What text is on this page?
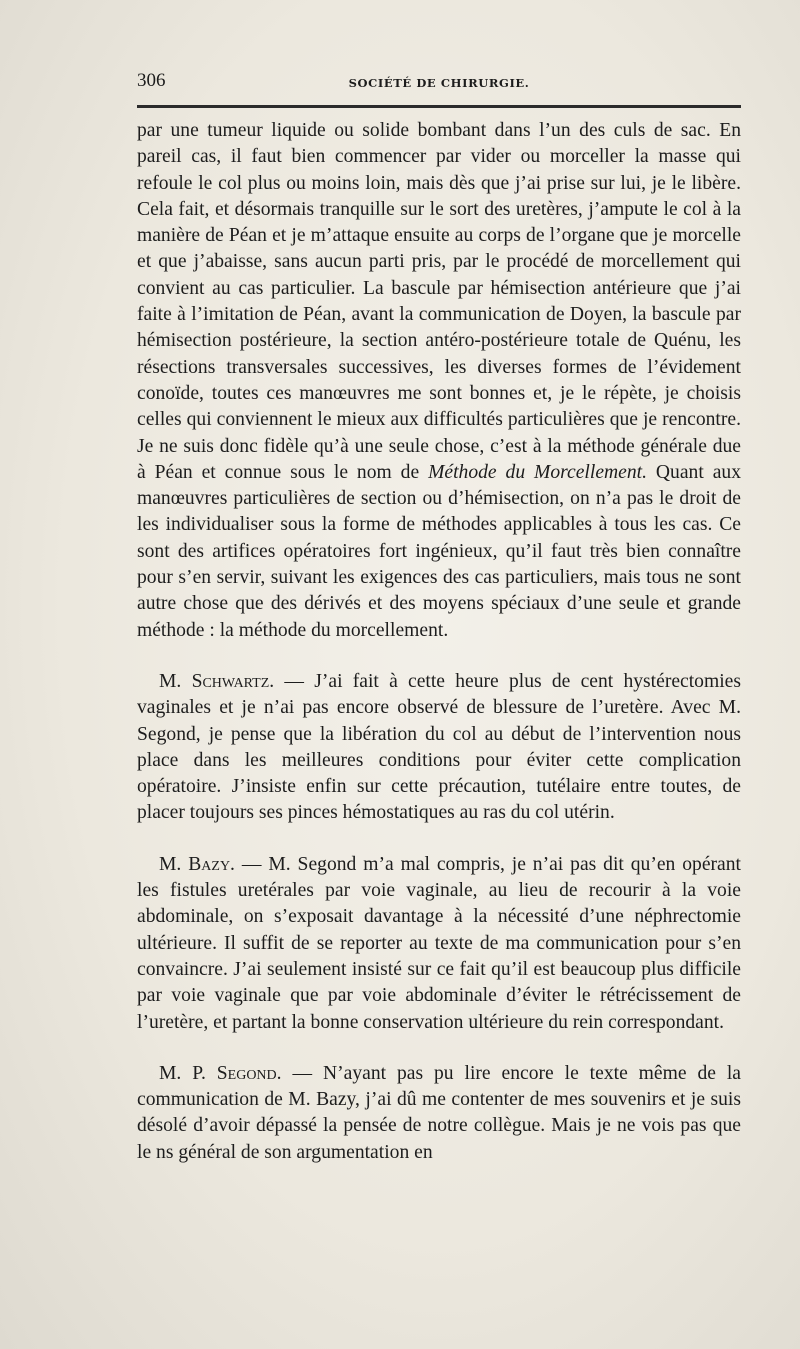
306	SOCIÉTÉ DE CHIRURGIE.

par une tumeur liquide ou solide bombant dans l’un des culs de sac. En pareil cas, il faut bien commencer par vider ou morceller la masse qui refoule le col plus ou moins loin, mais dès que j’ai prise sur lui, je le libère. Cela fait, et désormais tranquille sur le sort des uretères, j’ampute le col à la manière de Péan et je m’attaque ensuite au corps de l’organe que je morcelle et que j’abaisse, sans aucun parti pris, par le procédé de morcellement qui convient au cas particulier. La bascule par hémisection antérieure que j’ai faite à l’imitation de Péan, avant la communication de Doyen, la bascule par hémisection postérieure, la section antéro-postérieure totale de Quénu, les résections transversales successives, les diverses formes de l’évidement conoïde, toutes ces manœuvres me sont bonnes et, je le répète, je choisis celles qui conviennent le mieux aux difficultés particulières que je rencontre. Je ne suis donc fidèle qu’à une seule chose, c’est à la méthode générale due à Péan et connue sous le nom de Méthode du Morcellement. Quant aux manœuvres particulières de section ou d’hémisection, on n’a pas le droit de les individualiser sous la forme de méthodes applicables à tous les cas. Ce sont des artifices opératoires fort ingénieux, qu’il faut très bien connaître pour s’en servir, suivant les exigences des cas particuliers, mais tous ne sont autre chose que des dérivés et des moyens spéciaux d’une seule et grande méthode : la méthode du morcellement.

M. Schwartz. — J’ai fait à cette heure plus de cent hystérectomies vaginales et je n’ai pas encore observé de blessure de l’uretère. Avec M. Segond, je pense que la libération du col au début de l’intervention nous place dans les meilleures conditions pour éviter cette complication opératoire. J’insiste enfin sur cette précaution, tutélaire entre toutes, de placer toujours ses pinces hémostatiques au ras du col utérin.

M. Bazy. — M. Segond m’a mal compris, je n’ai pas dit qu’en opérant les fistules uretérales par voie vaginale, au lieu de recourir à la voie abdominale, on s’exposait davantage à la nécessité d’une néphrectomie ultérieure. Il suffit de se reporter au texte de ma communication pour s’en convaincre. J’ai seulement insisté sur ce fait qu’il est beaucoup plus difficile par voie vaginale que par voie abdominale d’éviter le rétrécissement de l’uretère, et partant la bonne conservation ultérieure du rein correspondant.

M. P. Segond. — N’ayant pas pu lire encore le texte même de la communication de M. Bazy, j’ai dû me contenter de mes souvenirs et je suis désolé d’avoir dépassé la pensée de notre collègue. Mais je ne vois pas que le ns général de son argumentation en
